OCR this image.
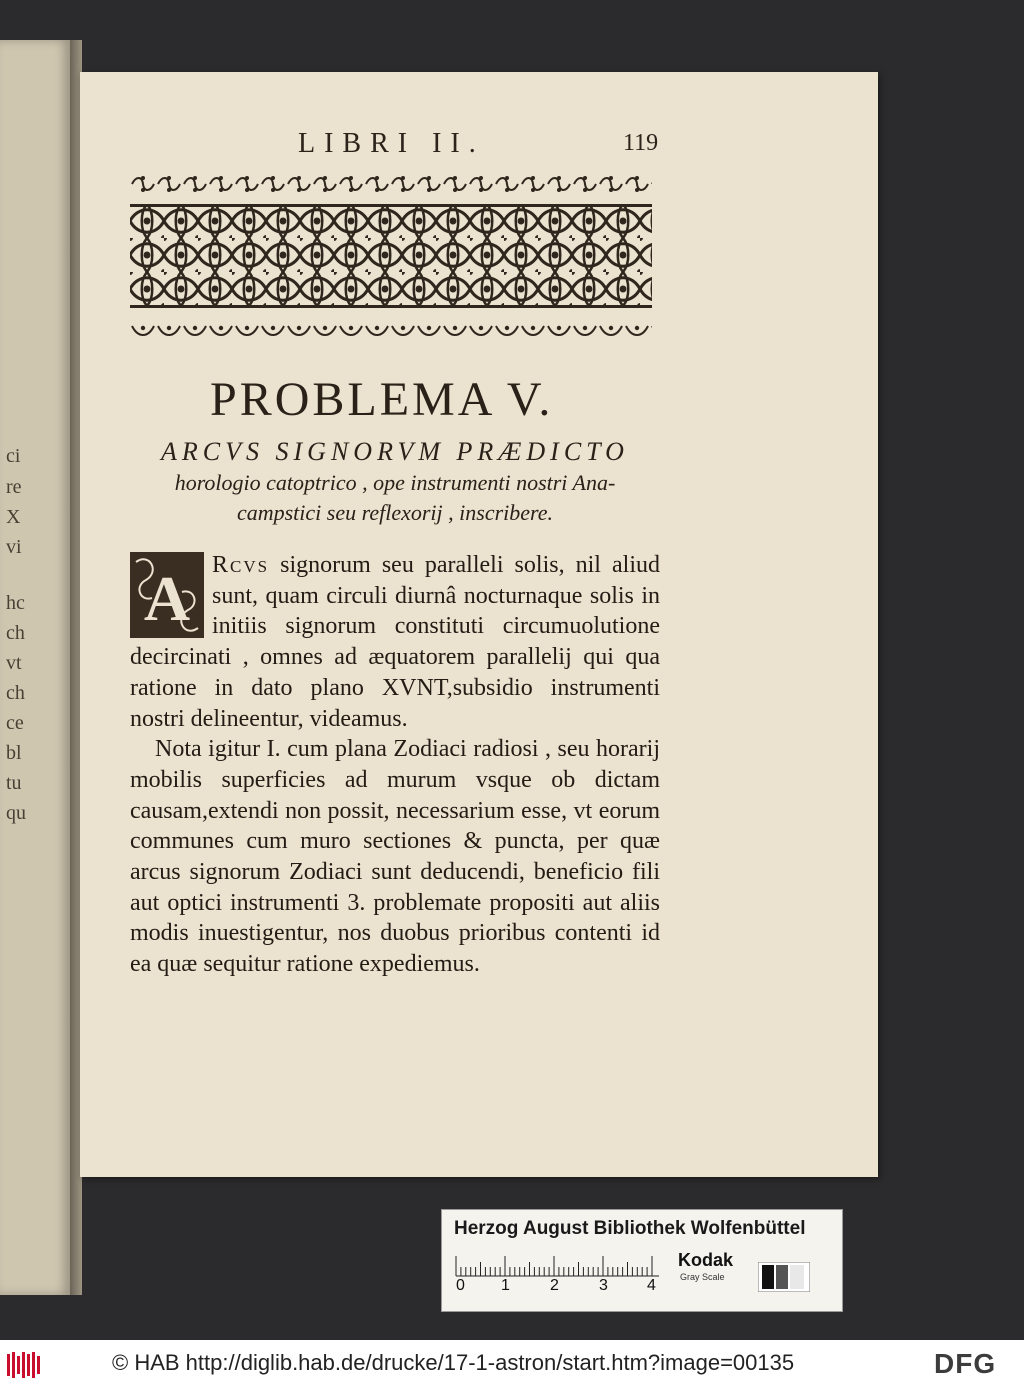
ci
re
X
vi
hc
ch
vt
ch
ce
bl
tu
qu
LIBRI II.	119
PROBLEMA V.
ARCVS SIGNORVM PRÆDICTO
horologio catoptrico , ope instrumenti nostri Ana-
campstici seu reflexorij , inscribere.

A Rcvs signorum seu paralleli solis, nil aliud sunt, quam circuli diurnâ nocturnaque solis in initiis signorum constituti circumuolutione decircinati , omnes ad æquatorem parallelij qui qua ratione in dato plano XVNT,subsidio instrumenti nostri delineentur, videamus.

Nota igitur I. cum plana Zodiaci radiosi , seu horarij mobilis superficies ad murum vsque ob dictam causam,extendi non possit, necessarium esse, vt eorum communes cum muro sectiones & puncta, per quæ arcus signorum Zodiaci sunt deducendi, beneficio fili aut optici instrumenti 3. problemate propositi aut aliis modis inuestigentur, nos duobus prioribus contenti id ea quæ sequitur ratione expediemus.

Herzog August Bibliothek Wolfenbüttel
0 1	2	3 4
Kodak
Gray Scale
© HAB http://diglib.hab.de/drucke/17-1-astron/start.htm?image=00135	DFG
